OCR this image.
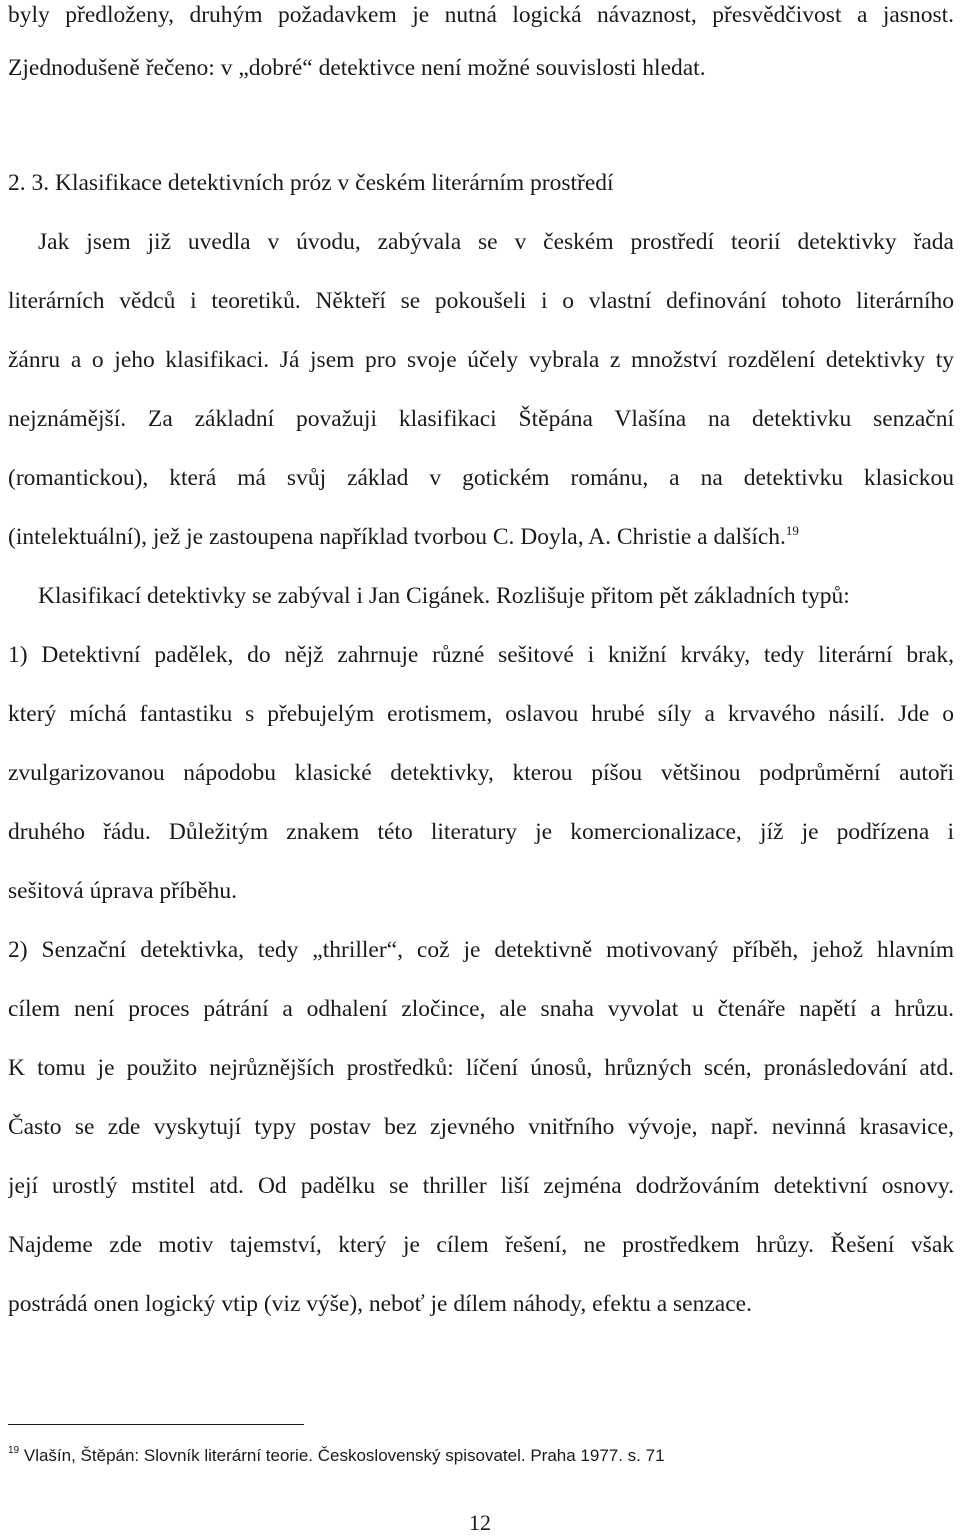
byly předloženy, druhým požadavkem je nutná logická návaznost, přesvědčivost a jasnost.
Zjednodušeně řečeno: v „dobré“ detektivce není možné souvislosti hledat.
2. 3. Klasifikace detektivních próz v českém literárním prostředí
Jak jsem již uvedla v úvodu, zabývala se v českém prostředí teorií detektivky řada
literárních vědců i teoretiků. Někteří se pokoušeli i o vlastní definování tohoto literárního
žánru a o jeho klasifikaci. Já jsem pro svoje účely vybrala z množství rozdělení detektivky ty
nejznámější. Za základní považuji klasifikaci Štěpána Vlašína na detektivku senzační
(romantickou), která má svůj základ v gotickém románu, a na detektivku klasickou
(intelektuální), jež je zastoupena například tvorbou C. Doyla, A. Christie a dalších.$^{19}$
Klasifikací detektivky se zabýval i Jan Cigánek. Rozlišuje přitom pět základních typů:
1) Detektivní padělek, do nějž zahrnuje různé sešitové i knižní krváky, tedy literární brak,
který míchá fantastiku s přebujelým erotismem, oslavou hrubé síly a krvavého násilí. Jde o
zvulgarizovanou nápodobu klasické detektivky, kterou píšou většinou podprůměrní autoři
druhého řádu. Důležitým znakem této literatury je komercionalizace, jíž je podřízena i
sešitová úprava příběhu.
2) Senzační detektivka, tedy „thriller“, což je detektivně motivovaný příběh, jehož hlavním
cílem není proces pátrání a odhalení zločince, ale snaha vyvolat u čtenáře napětí a hrůzu.
K tomu je použito nejrůznějších prostředků: líčení únosů, hrůzných scén, pronásledování atd.
Často se zde vyskytují typy postav bez zjevného vnitřního vývoje, např. nevinná krasavice,
její urostlý mstitel atd. Od padělku se thriller liší zejména dodržováním detektivní osnovy.
Najdeme zde motiv tajemství, který je cílem řešení, ne prostředkem hrůzy. Řešení však
postrádá onen logický vtip (viz výše), neboť je dílem náhody, efektu a senzace.
$^{19}$ Vlašín, Štěpán: Slovník literární teorie. Československý spisovatel. Praha 1977. s. 71
12
